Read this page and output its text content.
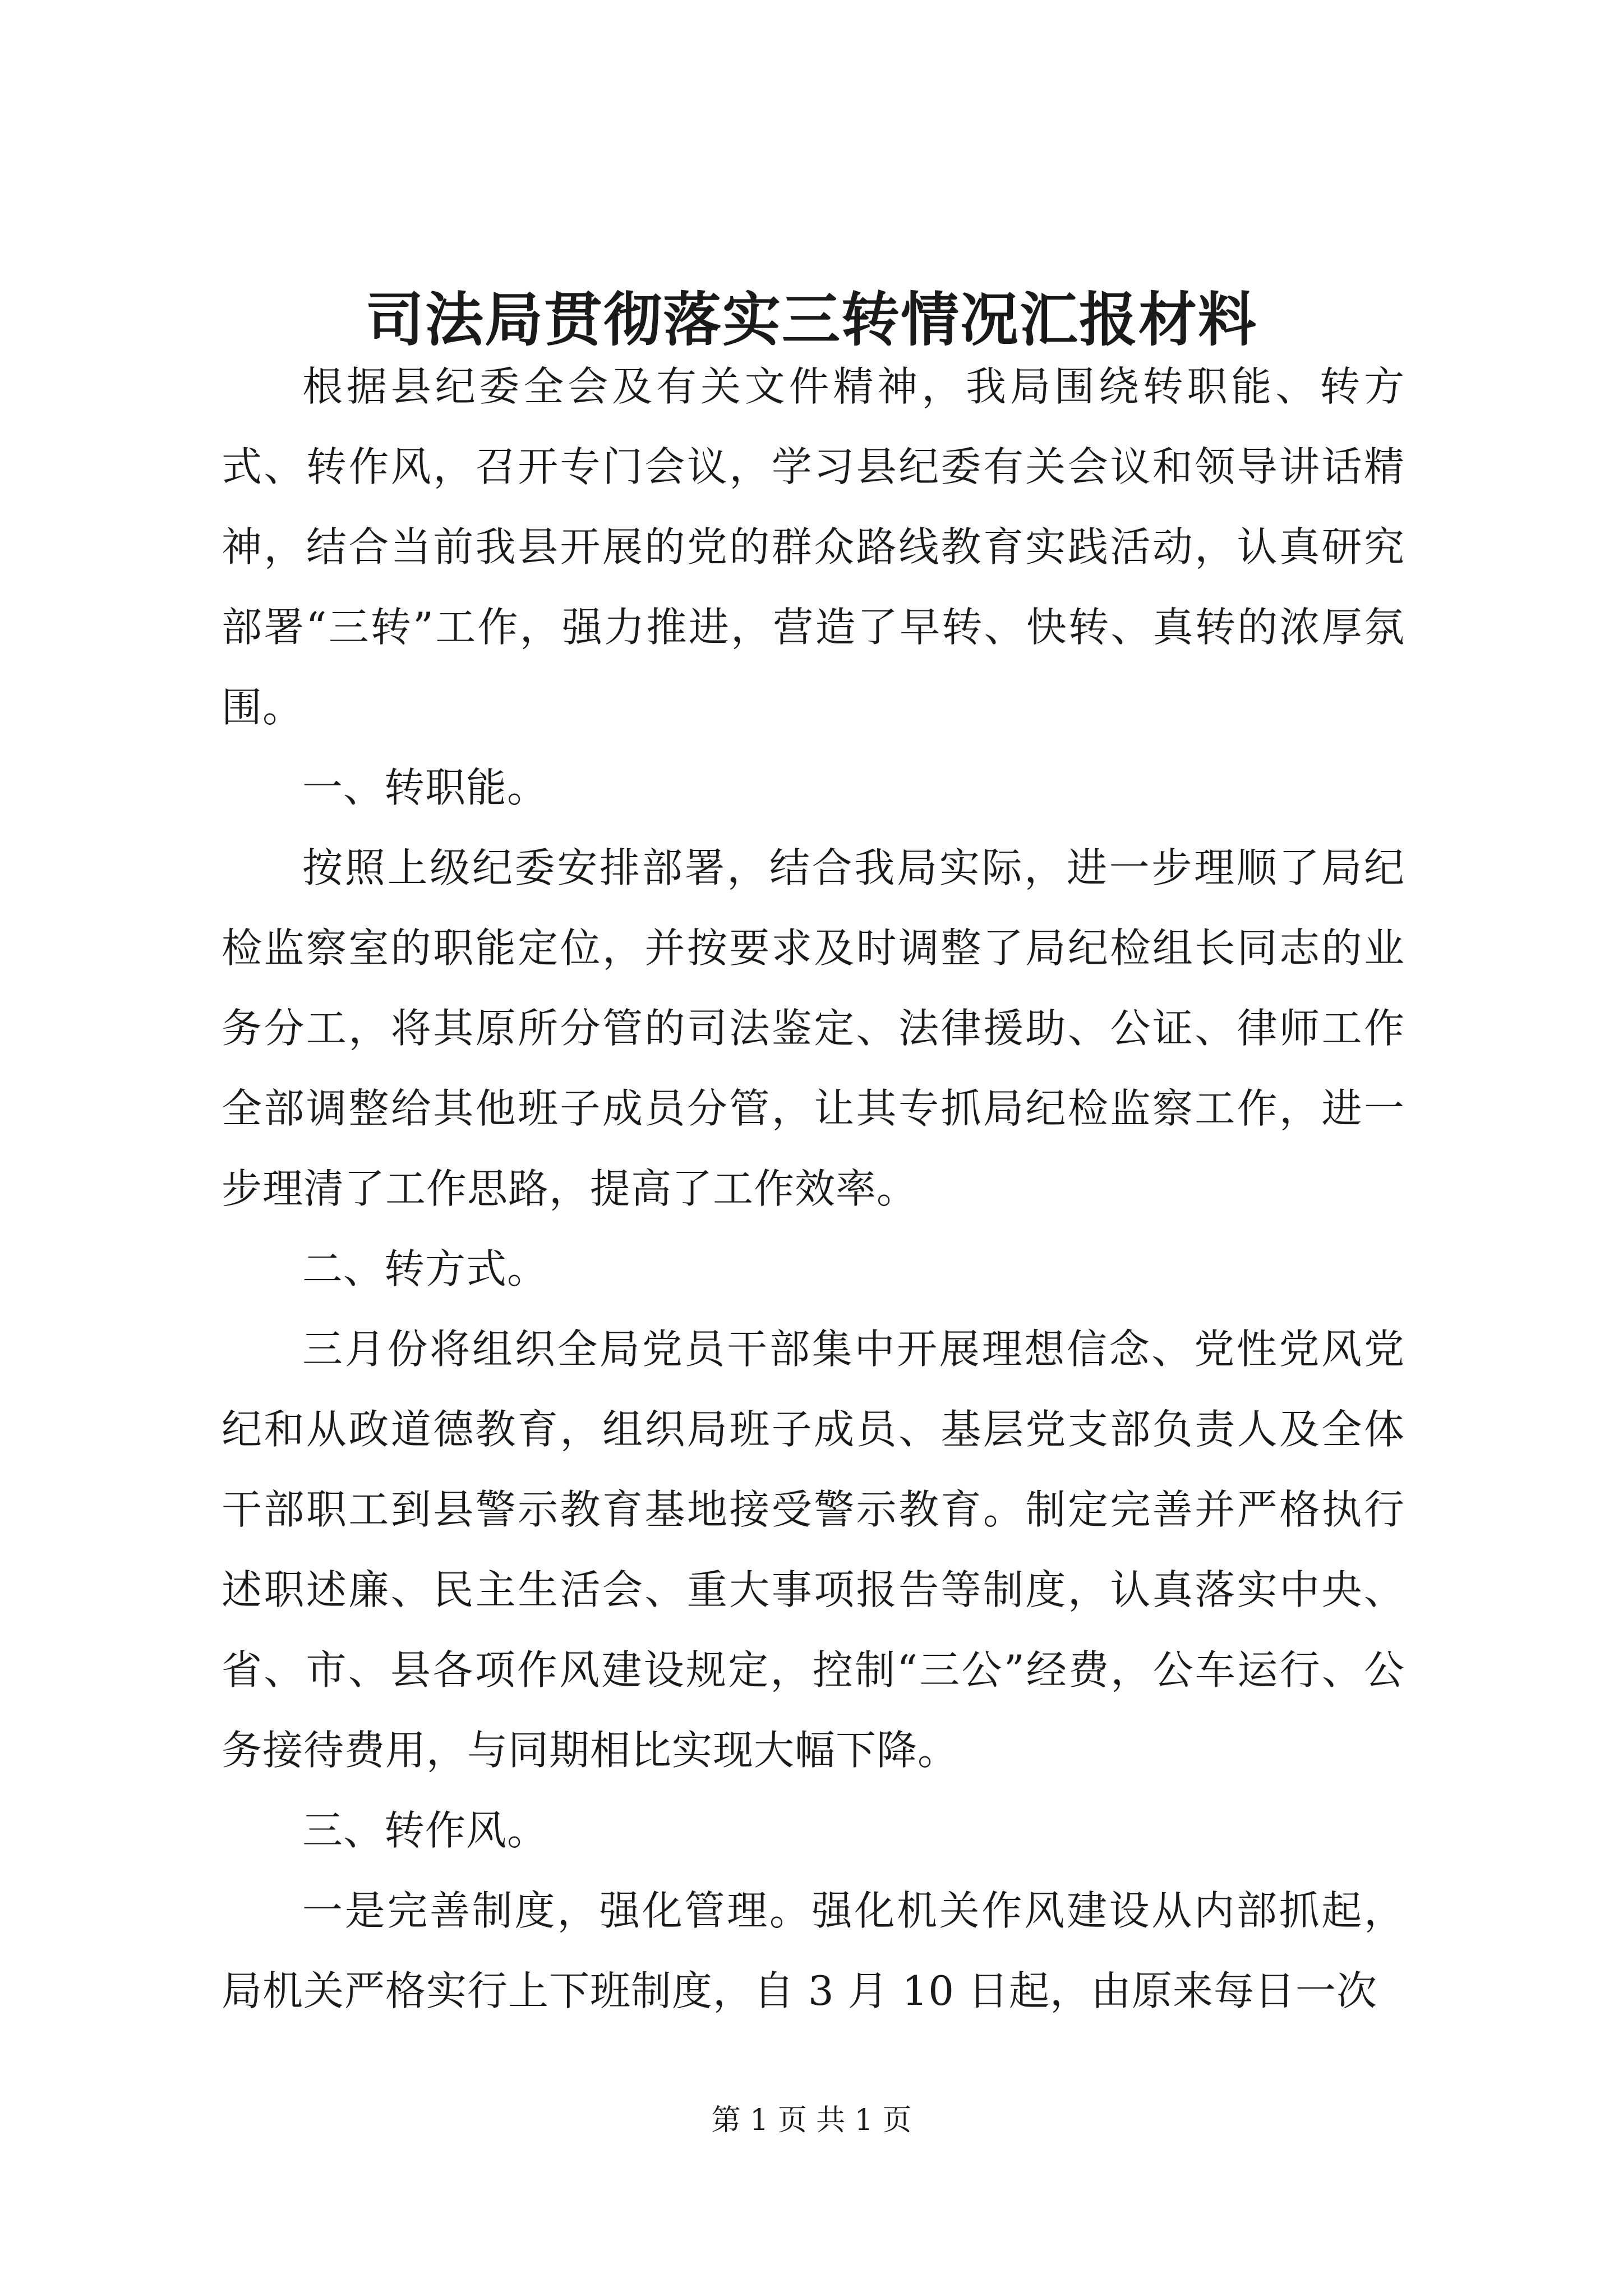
司法局贯彻落实三转情况汇报材料

根据县纪委全会及有关文件精神，我局围绕转职能、转方式、转作风，召开专门会议，学习县纪委有关会议和领导讲话精神，结合当前我县开展的党的群众路线教育实践活动，认真研究部署“三转”工作，强力推进，营造了早转、快转、真转的浓厚氛围。

一、转职能。

按照上级纪委安排部署，结合我局实际，进一步理顺了局纪检监察室的职能定位，并按要求及时调整了局纪检组长同志的业务分工，将其原所分管的司法鉴定、法律援助、公证、律师工作全部调整给其他班子成员分管，让其专抓局纪检监察工作，进一步理清了工作思路，提高了工作效率。

二、转方式。

三月份将组织全局党员干部集中开展理想信念、党性党风党纪和从政道德教育，组织局班子成员、基层党支部负责人及全体干部职工到县警示教育基地接受警示教育。制定完善并严格执行述职述廉、民主生活会、重大事项报告等制度，认真落实中央、省、市、县各项作风建设规定，控制“三公”经费，公车运行、公务接待费用，与同期相比实现大幅下降。

三、转作风。

一是完善制度，强化管理。强化机关作风建设从内部抓起，局机关严格实行上下班制度，自 3 月 10 日起，由原来每日一次

第 1 页 共 1 页
